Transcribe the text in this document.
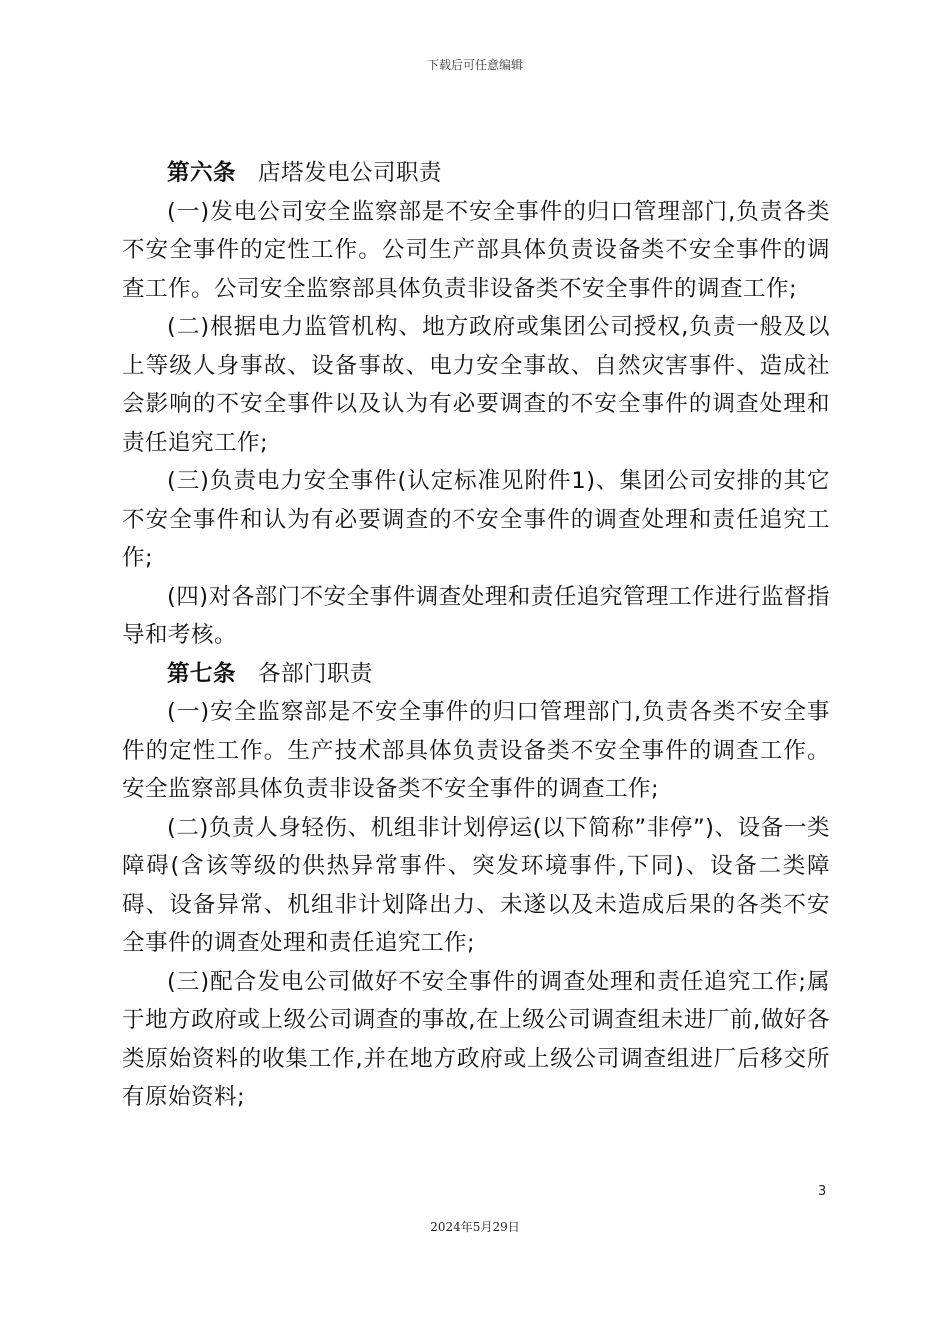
下载后可任意编辑

第六条 店塔发电公司职责

(一)发电公司安全监察部是不安全事件的归口管理部门,负责各类不安全事件的定性工作。公司生产部具体负责设备类不安全事件的调查工作。公司安全监察部具体负责非设备类不安全事件的调查工作;

(二)根据电力监管机构、地方政府或集团公司授权,负责一般及以上等级人身事故、设备事故、电力安全事故、自然灾害事件、造成社会影响的不安全事件以及认为有必要调查的不安全事件的调查处理和责任追究工作;

(三)负责电力安全事件(认定标准见附件1)、集团公司安排的其它不安全事件和认为有必要调查的不安全事件的调查处理和责任追究工作;

(四)对各部门不安全事件调查处理和责任追究管理工作进行监督指导和考核。

第七条 各部门职责

(一)安全监察部是不安全事件的归口管理部门,负责各类不安全事件的定性工作。生产技术部具体负责设备类不安全事件的调查工作。安全监察部具体负责非设备类不安全事件的调查工作;

(二)负责人身轻伤、机组非计划停运(以下简称”非停”)、设备一类障碍(含该等级的供热异常事件、突发环境事件,下同)、设备二类障碍、设备异常、机组非计划降出力、未遂以及未造成后果的各类不安全事件的调查处理和责任追究工作;

(三)配合发电公司做好不安全事件的调查处理和责任追究工作;属于地方政府或上级公司调查的事故,在上级公司调查组未进厂前,做好各类原始资料的收集工作,并在地方政府或上级公司调查组进厂后移交所有原始资料;

3
2024年5月29日
